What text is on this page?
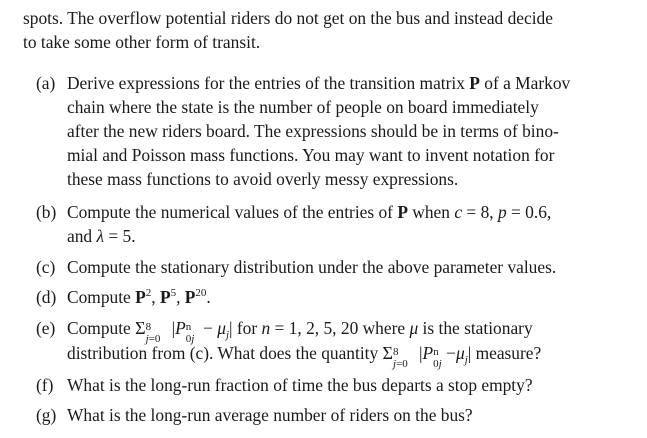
spots. The overflow potential riders do not get on the bus and instead decide
to take some other form of transit.
(a) Derive expressions for the entries of the transition matrix P of a Markov
chain where the state is the number of people on board immediately
after the new riders board. The expressions should be in terms of bino-
mial and Poisson mass functions. You may want to invent notation for
these mass functions to avoid overly messy expressions.
(b) Compute the numerical values of the entries of P when c = 8, p = 0.6,
and λ = 5.
(c) Compute the stationary distribution under the above parameter values.
(d) Compute $P^2$, $P^5$, $P^{20}$.
(e) Compute Σ 8
j=0
|P n
0j
− $\mu_j|$ for n = 1, 2, 5, 20 where μ is the stationary
distribution from (c). What does the quantity Σ 8
j=0
|P n
0j
$-\mu_j|$ measure?
(f) What is the long-run fraction of time the bus departs a stop empty?
(g) What is the long-run average number of riders on the bus?
